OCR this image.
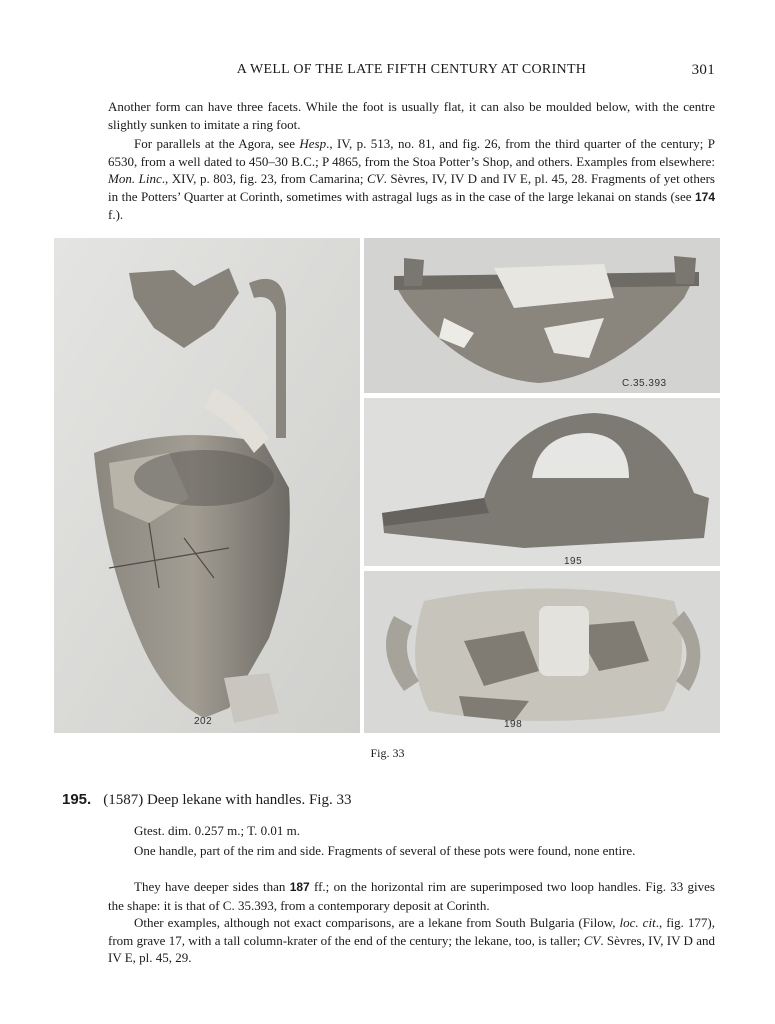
A WELL OF THE LATE FIFTH CENTURY AT CORINTH	301

Another form can have three facets. While the foot is usually flat, it can also be moulded below, with the centre slightly sunken to imitate a ring foot.

For parallels at the Agora, see Hesp., IV, p. 513, no. 81, and fig. 26, from the third quarter of the century; P 6530, from a well dated to 450–30 B.C.; P 4865, from the Stoa Potter’s Shop, and others. Examples from elsewhere: Mon. Linc., XIV, p. 803, fig. 23, from Camarina; CV. Sèvres, IV, IV D and IV E, pl. 45, 28. Fragments of yet others in the Potters’ Quarter at Corinth, sometimes with astragal lugs as in the case of the large lekanai on stands (see 174 f.).

202
C.35.393
195
198
Fig. 33
195. (1587) Deep lekane with handles. Fig. 33

Gtest. dim. 0.257 m.; T. 0.01 m.

One handle, part of the rim and side. Fragments of several of these pots were found, none entire.

They have deeper sides than 187 ff.; on the horizontal rim are superimposed two loop handles. Fig. 33 gives the shape: it is that of C. 35.393, from a contemporary deposit at Corinth.

Other examples, although not exact comparisons, are a lekane from South Bulgaria (Filow, loc. cit., fig. 177), from grave 17, with a tall column-krater of the end of the century; the lekane, too, is taller; CV. Sèvres, IV, IV D and IV E, pl. 45, 29.
